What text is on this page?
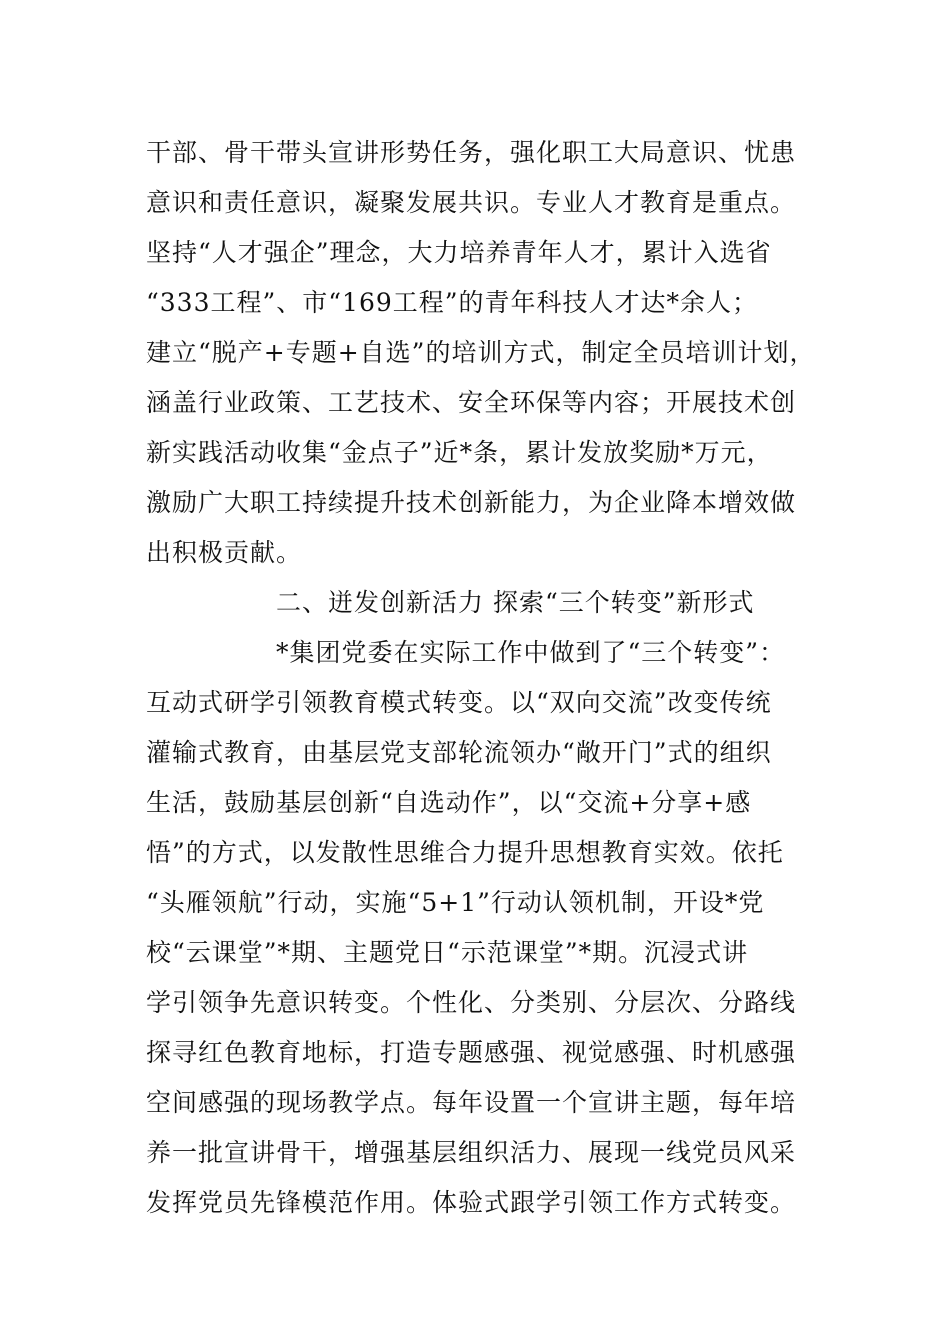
干部、骨干带头宣讲形势任务，强化职工大局意识、忧患
意识和责任意识，凝聚发展共识。专业人才教育是重点。
坚持“人才强企”理念，大力培养青年人才，累计入选省
“333工程”、市“169工程”的青年科技人才达*余人；
建立“脱产+专题+自选”的培训方式，制定全员培训计划，
涵盖行业政策、工艺技术、安全环保等内容；开展技术创
新实践活动收集“金点子”近*条，累计发放奖励*万元，
激励广大职工持续提升技术创新能力，为企业降本增效做
出积极贡献。
二、迸发创新活力 探索“三个转变”新形式
*集团党委在实际工作中做到了“三个转变”：
互动式研学引领教育模式转变。以“双向交流”改变传统
灌输式教育，由基层党支部轮流领办“敞开门”式的组织
生活，鼓励基层创新“自选动作”，以“交流+分享+感
悟”的方式，以发散性思维合力提升思想教育实效。依托
“头雁领航”行动，实施“5+1”行动认领机制，开设*党
校“云课堂”*期、主题党日“示范课堂”*期。沉浸式讲
学引领争先意识转变。个性化、分类别、分层次、分路线
探寻红色教育地标，打造专题感强、视觉感强、时机感强
空间感强的现场教学点。每年设置一个宣讲主题，每年培
养一批宣讲骨干，增强基层组织活力、展现一线党员风采
发挥党员先锋模范作用。体验式跟学引领工作方式转变。
